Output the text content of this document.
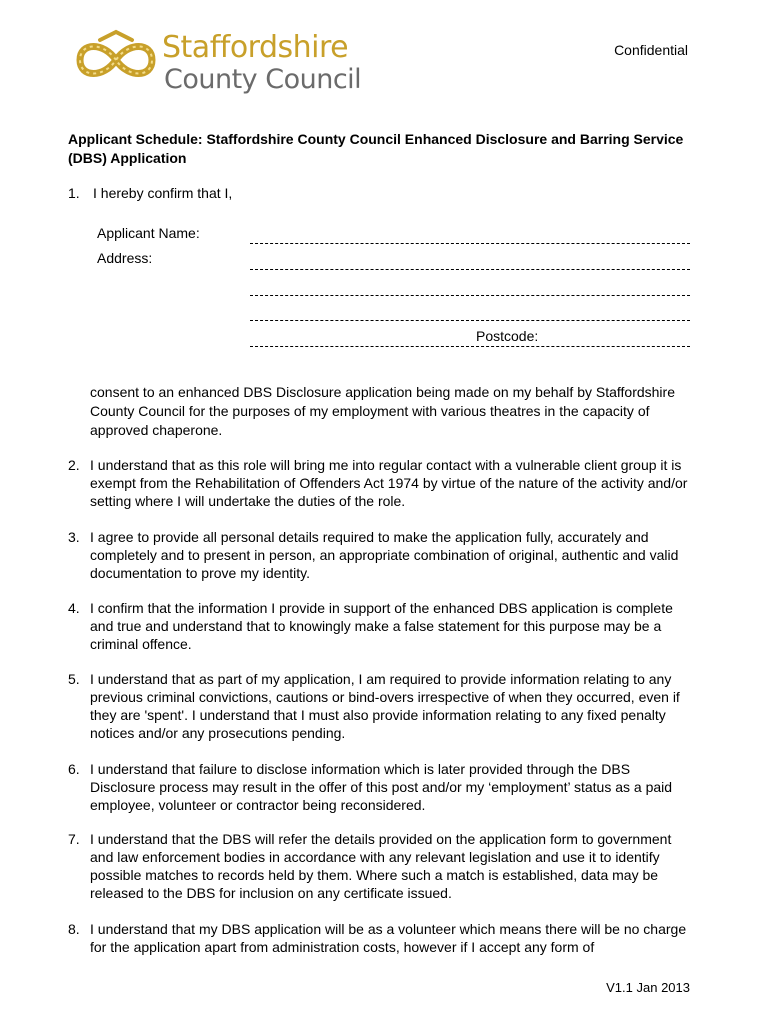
Staffordshire
County Council
Confidential
Applicant Schedule: Staffordshire County Council Enhanced Disclosure and Barring Service (DBS) Application
1. I hereby confirm that I,
Applicant Name:
Address:
Postcode:
consent to an enhanced DBS Disclosure application being made on my behalf by Staffordshire County Council for the purposes of my employment with various theatres in the capacity of approved chaperone.
2. I understand that as this role will bring me into regular contact with a vulnerable client group it is exempt from the Rehabilitation of Offenders Act 1974 by virtue of the nature of the activity and/or setting where I will undertake the duties of the role.
3. I agree to provide all personal details required to make the application fully, accurately and completely and to present in person, an appropriate combination of original, authentic and valid documentation to prove my identity.
4. I confirm that the information I provide in support of the enhanced DBS application is complete and true and understand that to knowingly make a false statement for this purpose may be a criminal offence.
5. I understand that as part of my application, I am required to provide information relating to any previous criminal convictions, cautions or bind-overs irrespective of when they occurred, even if they are 'spent'. I understand that I must also provide information relating to any fixed penalty notices and/or any prosecutions pending.
6. I understand that failure to disclose information which is later provided through the DBS Disclosure process may result in the offer of this post and/or my ‘employment’ status as a paid employee, volunteer or contractor being reconsidered.
7. I understand that the DBS will refer the details provided on the application form to government and law enforcement bodies in accordance with any relevant legislation and use it to identify possible matches to records held by them. Where such a match is established, data may be released to the DBS for inclusion on any certificate issued.
8. I understand that my DBS application will be as a volunteer which means there will be no charge for the application apart from administration costs, however if I accept any form of
V1.1 Jan 2013
